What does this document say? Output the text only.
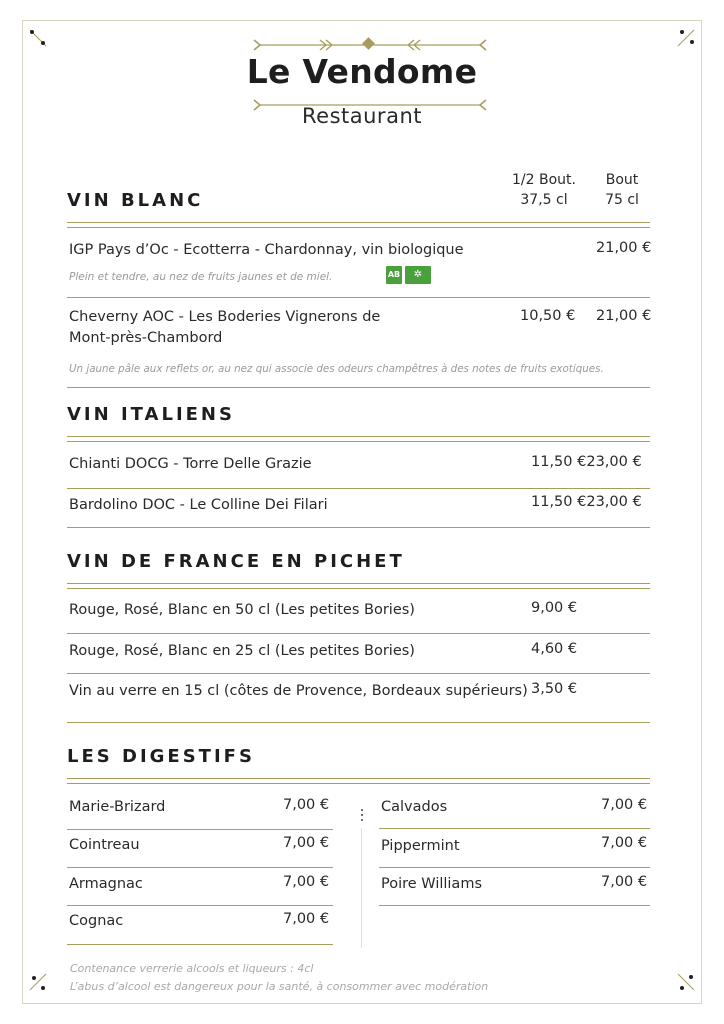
Le Vendome
Restaurant
1/2 Bout.
37,5 cl
Bout
75 cl
VIN BLANC
IGP Pays d’Oc - Ecotterra - Chardonnay, vin biologique	21,00 €
Plein et tendre, au nez de fruits jaunes et de miel.	AB	✲
Cheverny AOC - Les Boderies Vignerons de
Mont-près-Chambord
10,50 € 21,00 €
Un jaune pâle aux reflets or, au nez qui associe des odeurs champêtres à des notes de fruits exotiques.
VIN ITALIENS
Chianti DOCG - Torre Delle Grazie	11,50 €23,00 €
Bardolino DOC - Le Colline Dei Filari	11,50 €23,00 €
VIN DE FRANCE EN PICHET
Rouge, Rosé, Blanc en 50 cl (Les petites Bories)	9,00 €
Rouge, Rosé, Blanc en 25 cl (Les petites Bories)	4,60 €
Vin au verre en 15 cl (côtes de Provence, Bordeaux supérieurs) 3,50 €
LES DIGESTIFS
Marie-Brizard	7,00 €
Cointreau	7,00 €
Armagnac	7,00 €
Cognac	7,00 €
Calvados	7,00 €
Pippermint	7,00 €
Poire Williams	7,00 €
Contenance verrerie alcools et liqueurs : 4cl
L’abus d’alcool est dangereux pour la santé, à consommer avec modération
